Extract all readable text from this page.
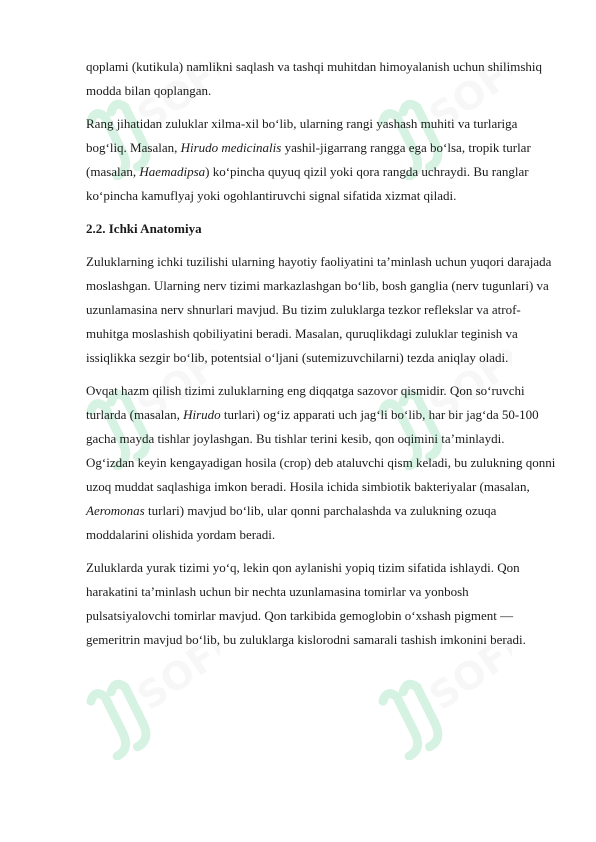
SOFF	SOFF
SOFF	SOFF
SOFF	SOFF

qoplami (kutikula) namlikni saqlash va tashqi muhitdan himoyalanish uchun shilimshiq modda bilan qoplangan.

Rang jihatidan zuluklar xilma-xil boʻlib, ularning rangi yashash muhiti va turlariga bogʻliq. Masalan, Hirudo medicinalis yashil-jigarrang rangga ega boʻlsa, tropik turlar (masalan, Haemadipsa) koʻpincha quyuq qizil yoki qora rangda uchraydi. Bu ranglar koʻpincha kamuflyaj yoki ogohlantiruvchi signal sifatida xizmat qiladi.

2.2. Ichki Anatomiya

Zuluklarning ichki tuzilishi ularning hayotiy faoliyatini taʼminlash uchun yuqori darajada moslashgan. Ularning nerv tizimi markazlashgan boʻlib, bosh ganglia (nerv tugunlari) va uzunlamasina nerv shnurlari mavjud. Bu tizim zuluklarga tezkor reflekslar va atrof-muhitga moslashish qobiliyatini beradi. Masalan, quruqlikdagi zuluklar teginish va issiqlikka sezgir boʻlib, potentsial oʻljani (sutemizuvchilarni) tezda aniqlay oladi.

Ovqat hazm qilish tizimi zuluklarning eng diqqatga sazovor qismidir. Qon soʻruvchi turlarda (masalan, Hirudo turlari) ogʻiz apparati uch jagʻli boʻlib, har bir jagʻda 50-100 gacha mayda tishlar joylashgan. Bu tishlar terini kesib, qon oqimini taʼminlaydi. Ogʻizdan keyin kengayadigan hosila (crop) deb ataluvchi qism keladi, bu zulukning qonni uzoq muddat saqlashiga imkon beradi. Hosila ichida simbiotik bakteriyalar (masalan, Aeromonas turlari) mavjud boʻlib, ular qonni parchalashda va zulukning ozuqa moddalarini olishida yordam beradi.

Zuluklarda yurak tizimi yoʻq, lekin qon aylanishi yopiq tizim sifatida ishlaydi. Qon harakatini taʼminlash uchun bir nechta uzunlamasina tomirlar va yonbosh pulsatsiyalovchi tomirlar mavjud. Qon tarkibida gemoglobin oʻxshash pigment — gemeritrin mavjud boʻlib, bu zuluklarga kislorodni samarali tashish imkonini beradi.
